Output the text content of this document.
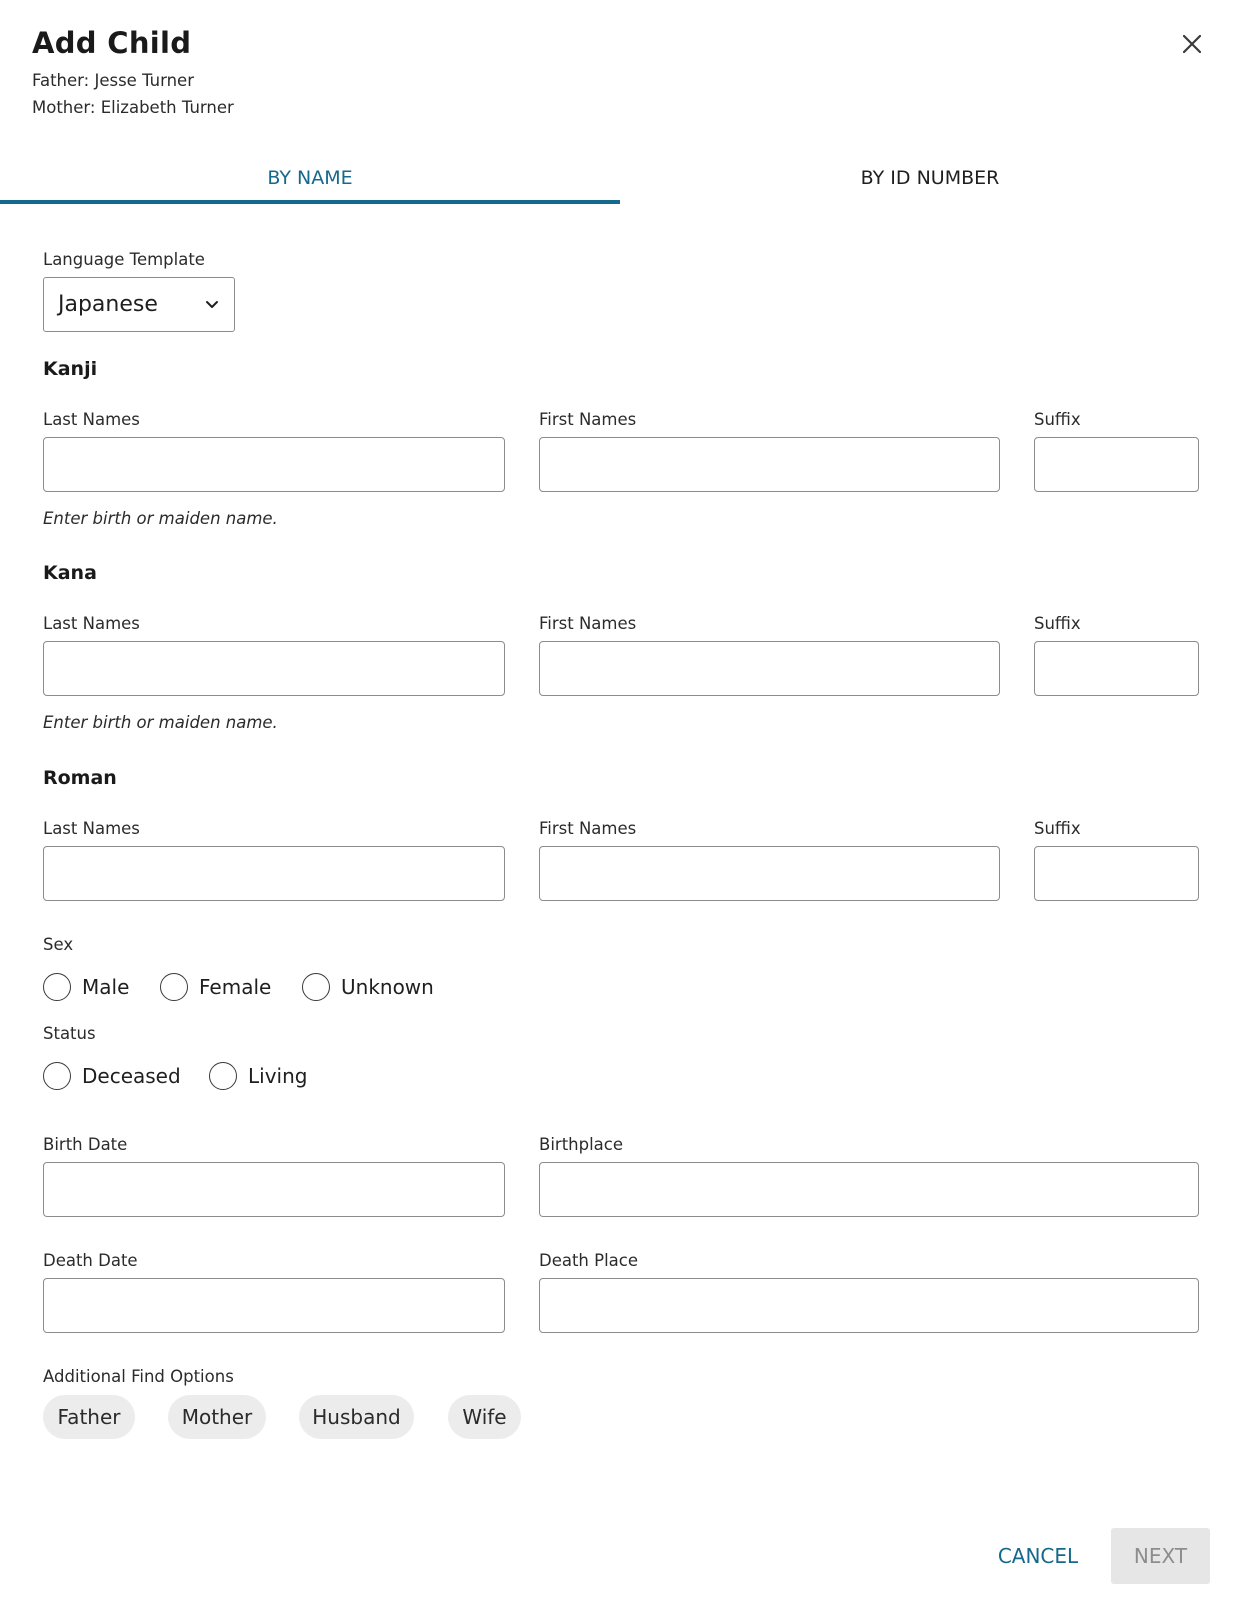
Add Child
Father: Jesse Turner
Mother: Elizabeth Turner
BY NAME	BY ID NUMBER
Language Template
Japanese
Kanji
Last Names	First Names	Suffix
Enter birth or maiden name.
Kana
Last Names	First Names	Suffix
Enter birth or maiden name.
Roman
Last Names	First Names	Suffix
Sex
Male	Female	Unknown
Status
Deceased	Living
Birth Date	Birthplace
Death Date	Death Place
Additional Find Options
Father	Mother	Husband	Wife
CANCEL	NEXT
